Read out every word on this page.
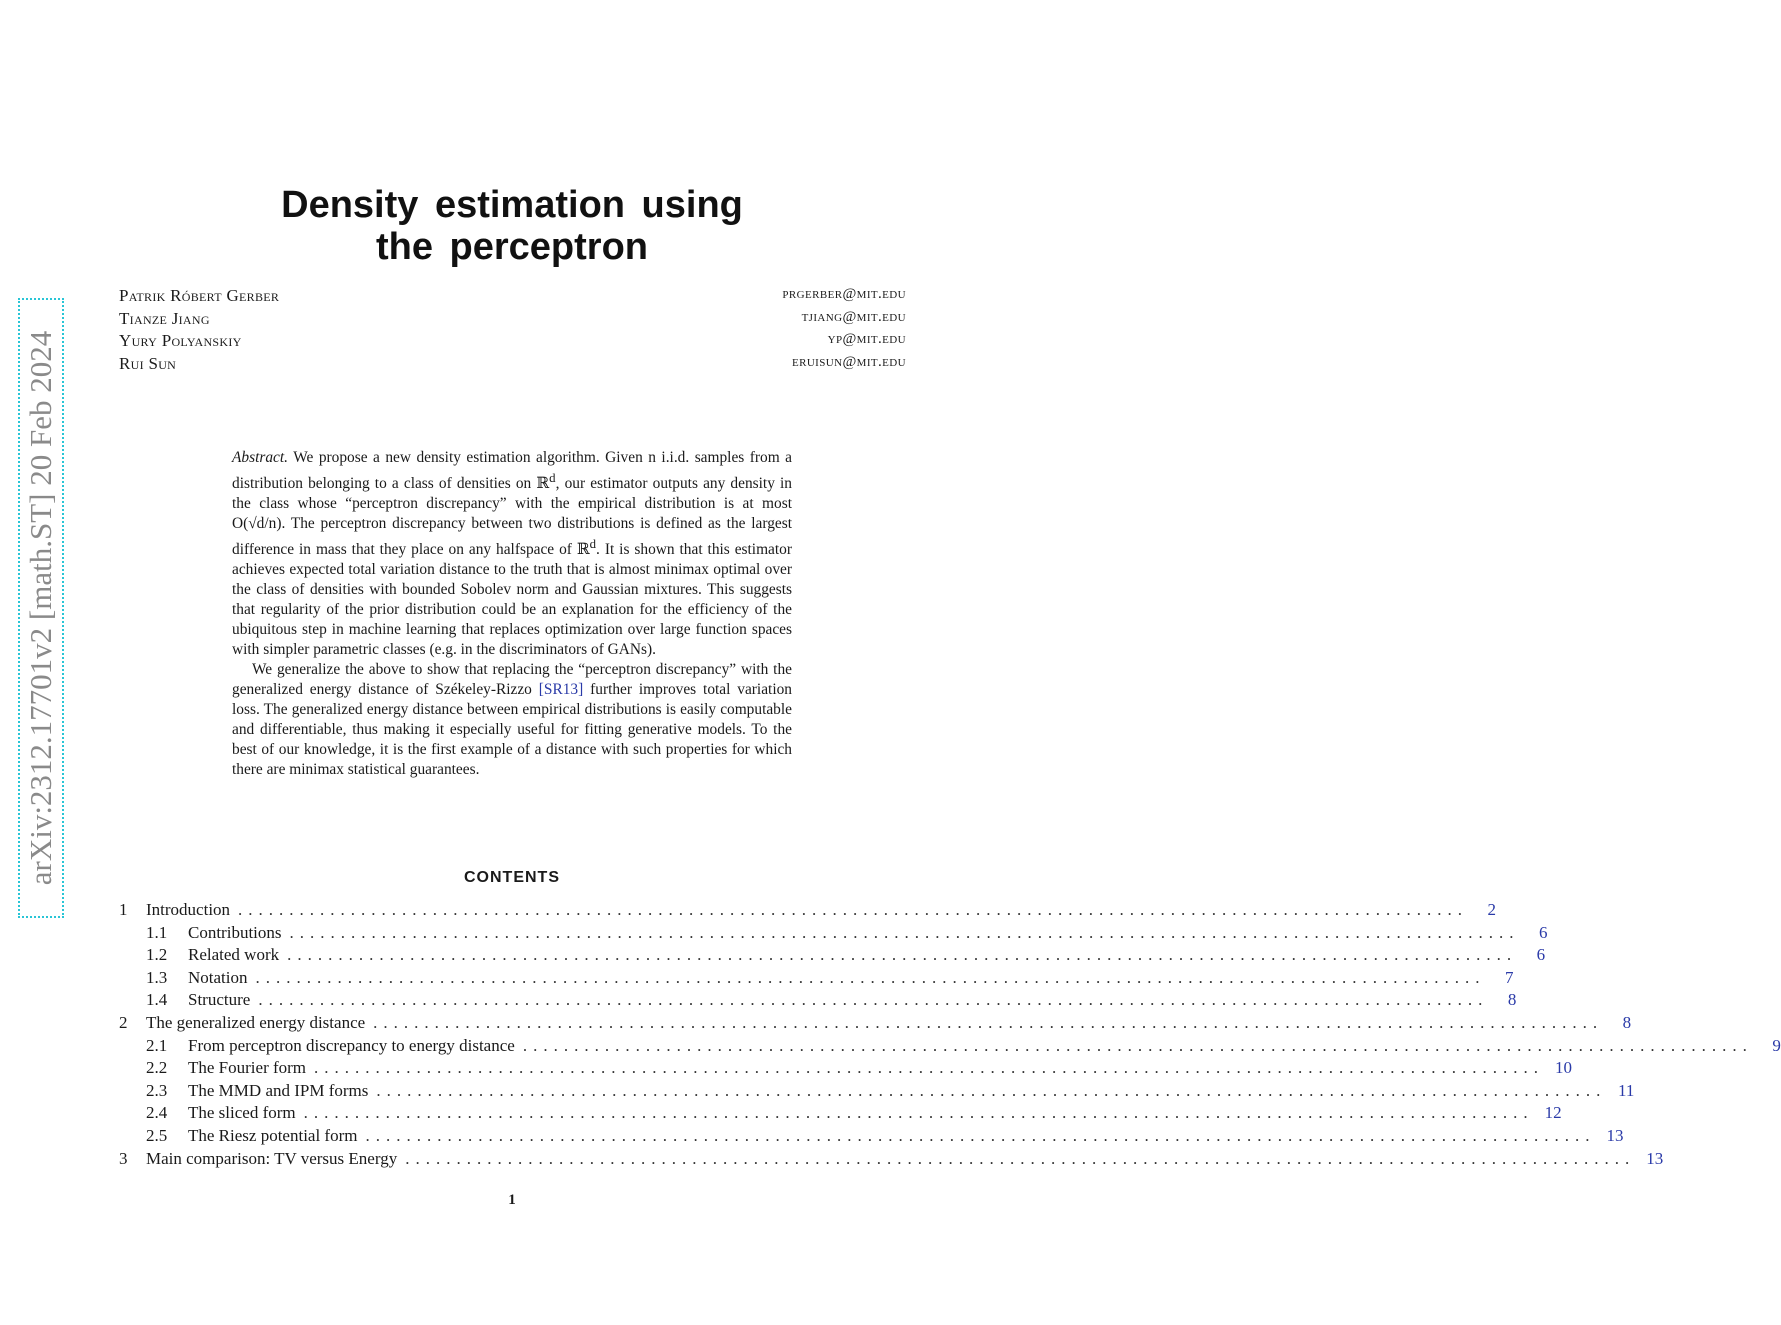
arXiv:2312.17701v2 [math.ST] 20 Feb 2024
Density estimation using
the perceptron
Patrik Róbert Gerber	prgerber@mit.edu
Tianze Jiang	tjiang@mit.edu
Yury Polyanskiy	yp@mit.edu
Rui Sun	eruisun@mit.edu

Abstract. We propose a new density estimation algorithm. Given n i.i.d. samples from a distribution belonging to a class of densities on ℝ$^d$, our estimator outputs any density in the class whose “perceptron discrepancy” with the empirical distribution is at most O(√d/n). The perceptron discrepancy between two distributions is defined as the largest difference in mass that they place on any halfspace of ℝ$^d$. It is shown that this estimator achieves expected total variation distance to the truth that is almost minimax optimal over the class of densities with bounded Sobolev norm and Gaussian mixtures. This suggests that regularity of the prior distribution could be an explanation for the efficiency of the ubiquitous step in machine learning that replaces optimization over large function spaces with simpler parametric classes (e.g. in the discriminators of GANs).

We generalize the above to show that replacing the “perceptron discrepancy” with the generalized energy distance of Székeley-Rizzo [SR13] further improves total variation loss. The generalized energy distance between empirical distributions is easily computable and differentiable, thus making it especially useful for fitting generative models. To the best of our knowledge, it is the first example of a distance with such properties for which there are minimax statistical guarantees.

CONTENTS
1	Introduction ........................................................................................................................	2
1.1	Contributions ........................................................................................................................	6
1.2	Related work ........................................................................................................................	6
1.3	Notation ........................................................................................................................	7
1.4	Structure ........................................................................................................................	8
2	The generalized energy distance ........................................................................................................................	8
2.1	From perceptron discrepancy to energy distance ........................................................................................................................	9
2.2	The Fourier form ........................................................................................................................ 10
2.3	The MMD and IPM forms ........................................................................................................................ 11
2.4	The sliced form ........................................................................................................................ 12
2.5	The Riesz potential form ........................................................................................................................ 13
3	Main comparison: TV versus Energy ........................................................................................................................ 13
1
